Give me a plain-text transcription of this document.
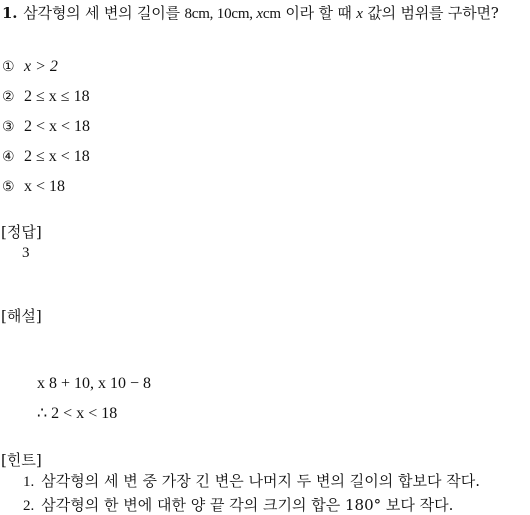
1. 삼각형의 세 변의 길이를 8cm, 10cm, xcm 이라 할 때 x 값의 범위를 구하면?
① x > 2
② 2 ≤ x ≤ 18
③ 2 < x < 18
④ 2 ≤ x < 18
⑤ x < 18
[정답]
3
[해설]
x 8 + 10, x 10 − 8
∴ 2 < x < 18
[힌트]
1. 삼각형의 세 변 중 가장 긴 변은 나머지 두 변의 길이의 합보다 작다.
2. 삼각형의 한 변에 대한 양 끝 각의 크기의 합은 180° 보다 작다.
